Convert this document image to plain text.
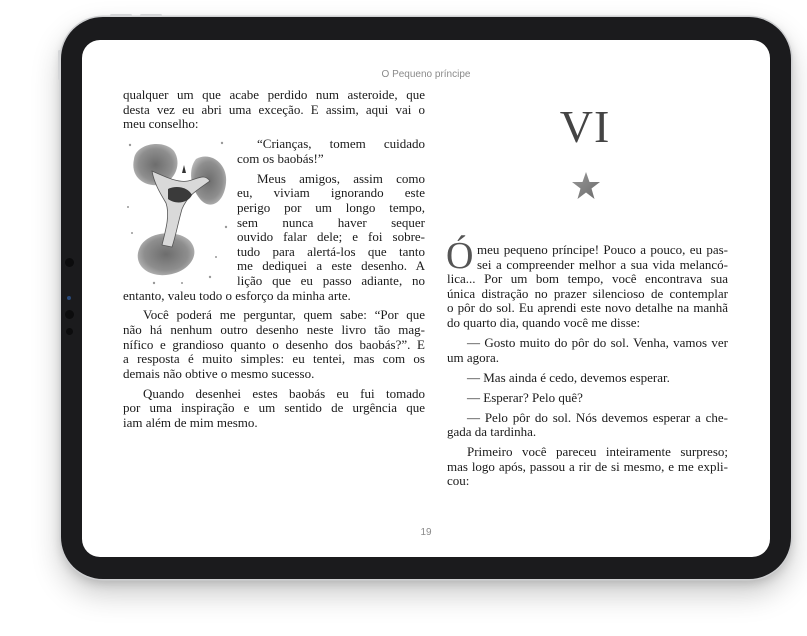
O Pequeno príncipe
qualquer um que acabe perdido num asteroide, que
desta vez eu abri uma exceção. E assim, aqui vai o
meu conselho:
“Crianças, tomem cuidado
com os baobás!”
Meus amigos, assim como
eu, viviam ignorando este
perigo por um longo tempo,
sem nunca haver sequer
ouvido falar dele; e foi sobre-
tudo para alertá-los que tanto
me dediquei a este desenho. A
lição que eu passo adiante, no
entanto, valeu todo o esforço da minha arte.
Você poderá me perguntar, quem sabe: “Por que
não há nenhum outro desenho neste livro tão mag-
nífico e grandioso quanto o desenho dos baobás?”. E
a resposta é muito simples: eu tentei, mas com os
demais não obtive o mesmo sucesso.
Quando desenhei estes baobás eu fui tomado
por uma inspiração e um sentido de urgência que
iam além de mim mesmo.
VI
Ó meu pequeno príncipe! Pouco a pouco, eu pas-
sei a compreender melhor a sua vida melancó-
lica... Por um bom tempo, você encontrava sua
única distração no prazer silencioso de contemplar
o pôr do sol. Eu aprendi este novo detalhe na manhã
do quarto dia, quando você me disse:
— Gosto muito do pôr do sol. Venha, vamos ver
um agora.
— Mas ainda é cedo, devemos esperar.
— Esperar? Pelo quê?
— Pelo pôr do sol. Nós devemos esperar a che-
gada da tardinha.
Primeiro você pareceu inteiramente surpreso;
mas logo após, passou a rir de si mesmo, e me expli-
cou:
19
